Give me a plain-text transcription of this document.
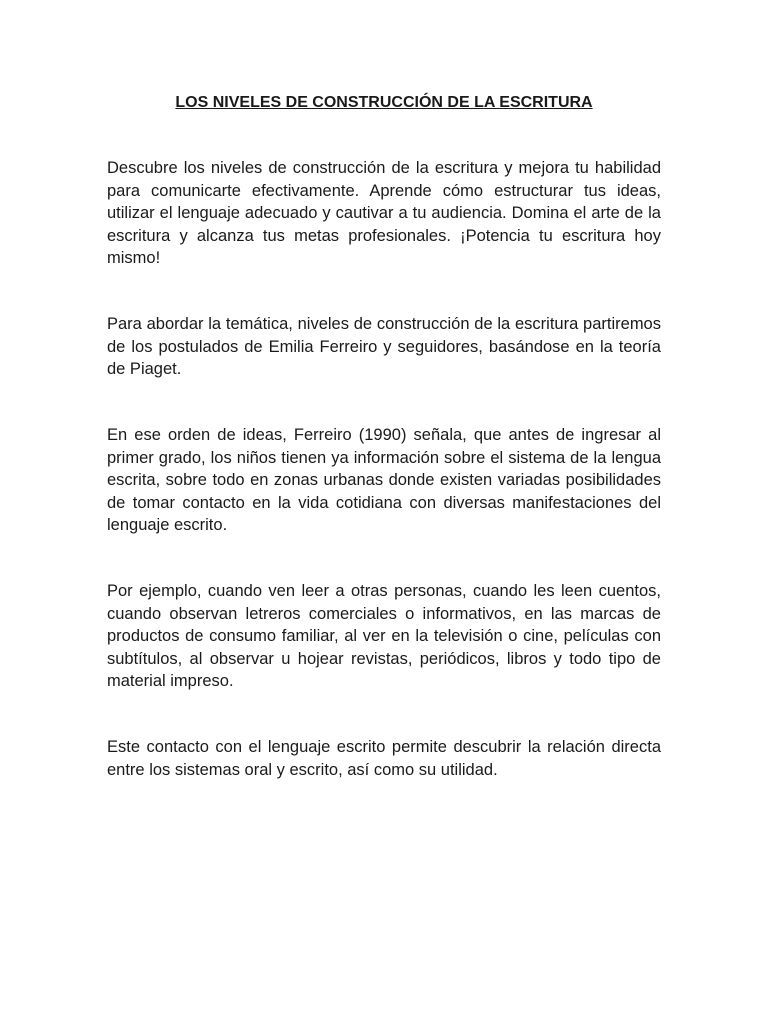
LOS NIVELES DE CONSTRUCCIÓN DE LA ESCRITURA

Descubre los niveles de construcción de la escritura y mejora tu habilidad para comunicarte efectivamente. Aprende cómo estructurar tus ideas, utilizar el lenguaje adecuado y cautivar a tu audiencia. Domina el arte de la escritura y alcanza tus metas profesionales. ¡Potencia tu escritura hoy mismo!

Para abordar la temática, niveles de construcción de la escritura partiremos de los postulados de Emilia Ferreiro y seguidores, basándose en la teoría de Piaget.

En ese orden de ideas, Ferreiro (1990) señala, que antes de ingresar al primer grado, los niños tienen ya información sobre el sistema de la lengua escrita, sobre todo en zonas urbanas donde existen variadas posibilidades de tomar contacto en la vida cotidiana con diversas manifestaciones del lenguaje escrito.

Por ejemplo, cuando ven leer a otras personas, cuando les leen cuentos, cuando observan letreros comerciales o informativos, en las marcas de productos de consumo familiar, al ver en la televisión o cine, películas con subtítulos, al observar u hojear revistas, periódicos, libros y todo tipo de material impreso.

Este contacto con el lenguaje escrito permite descubrir la relación directa entre los sistemas oral y escrito, así como su utilidad.
